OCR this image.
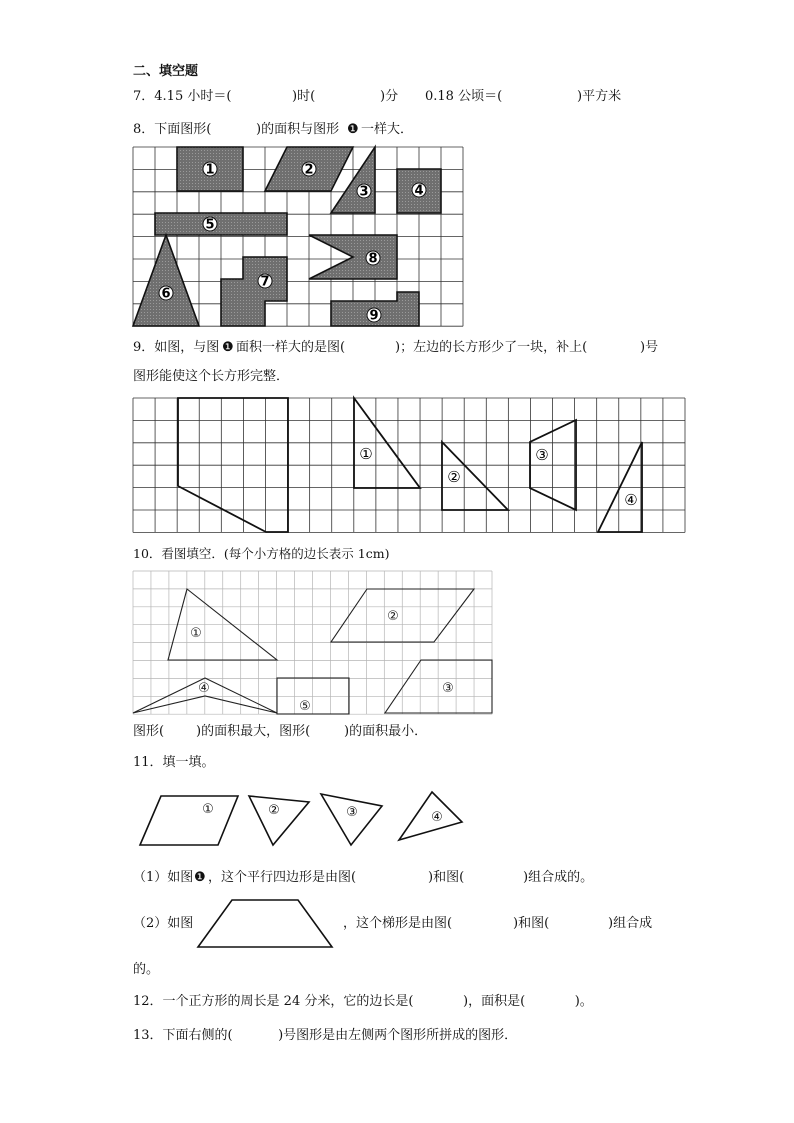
二、填空题
7．4.15 小时＝(	)时(	)分 0.18 公顷＝(	)平方米
8．下面图形(	)的面积与图形 ❶ 一样大．
1	2
3	4
5
6
7
8
9
9．如图，与图 ❶ 面积一样大的是图(	)；左边的长方形少了一块，补上(	)号
图形能使这个长方形完整．
①
②
③
④
10．看图填空．(每个小方格的边长表示 1cm)
①
②
③
④
⑤
图形( )的面积最大，图形(	)的面积最小．
11．填一填。
①	②	③	④
（1）如图 ❶ ，这个平行四边形是由图(	)和图(	)组合成的。
（2）如图	，这个梯形是由图(	)和图(	)组合成
的。
12．一个正方形的周长是 24 分米，它的边长是(            )，面积是(            )。
13．下面右侧的(           )号图形是由左侧两个图形所拼成的图形．
